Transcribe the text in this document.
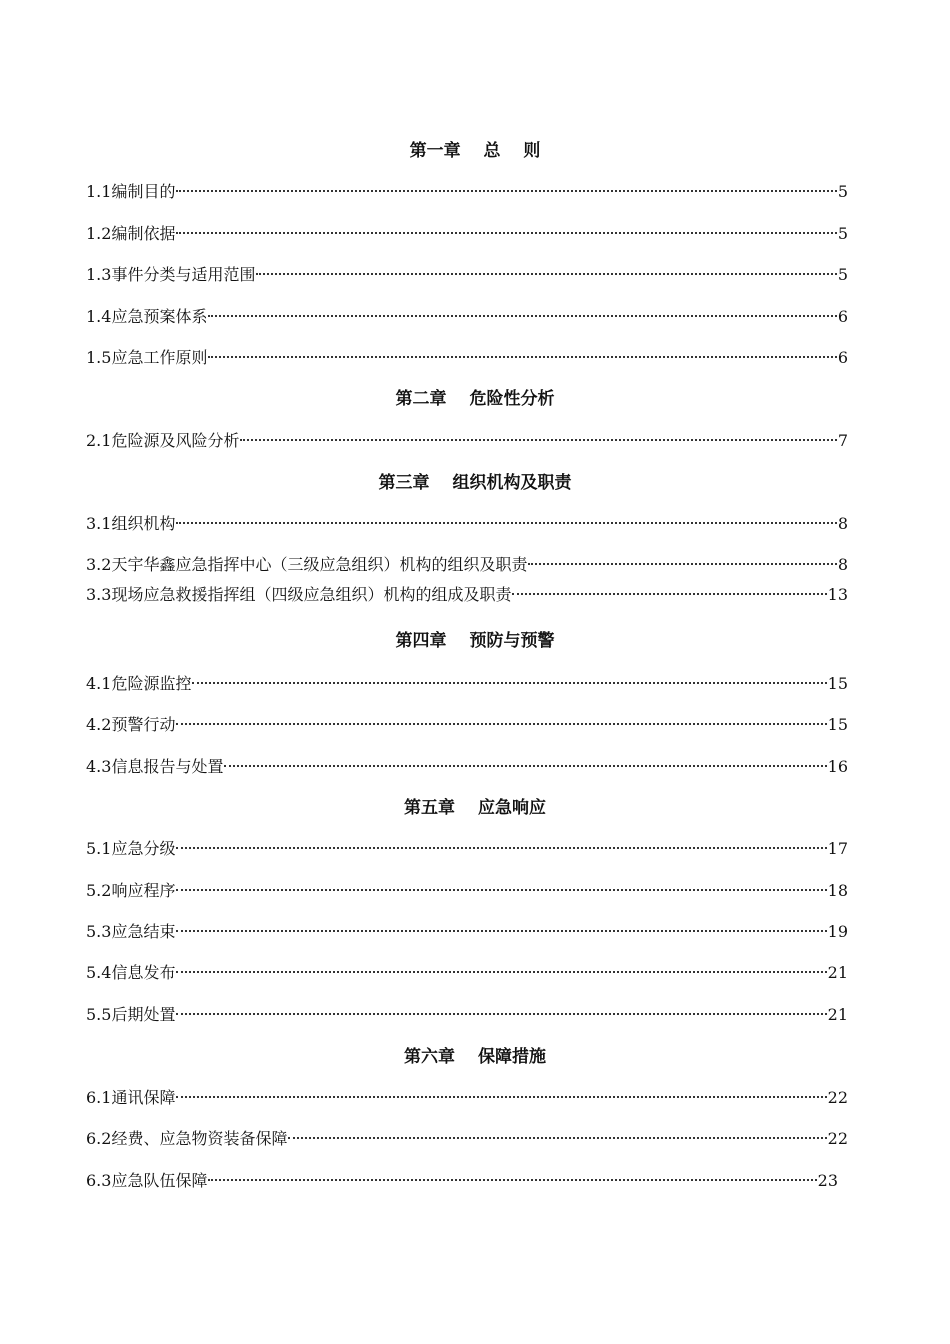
第一章　 总　 则
1.1编制目的	5
1.2编制依据	5
1.3事件分类与适用范围	5
1.4应急预案体系	6
1.5应急工作原则	6
第二章　 危险性分析
2.1危险源及风险分析	7
第三章　 组织机构及职责
3.1组织机构	8
3.2天宇华鑫应急指挥中心（三级应急组织）机构的组织及职责	8
3.3现场应急救援指挥组（四级应急组织）机构的组成及职责	13
第四章　 预防与预警
4.1危险源监控	15
4.2预警行动	15
4.3信息报告与处置	16
第五章　 应急响应
5.1应急分级	17
5.2响应程序	18
5.3应急结束	19
5.4信息发布	21
5.5后期处置	21
第六章　 保障措施
6.1通讯保障	22
6.2经费、应急物资装备保障	22
6.3应急队伍保障	23
